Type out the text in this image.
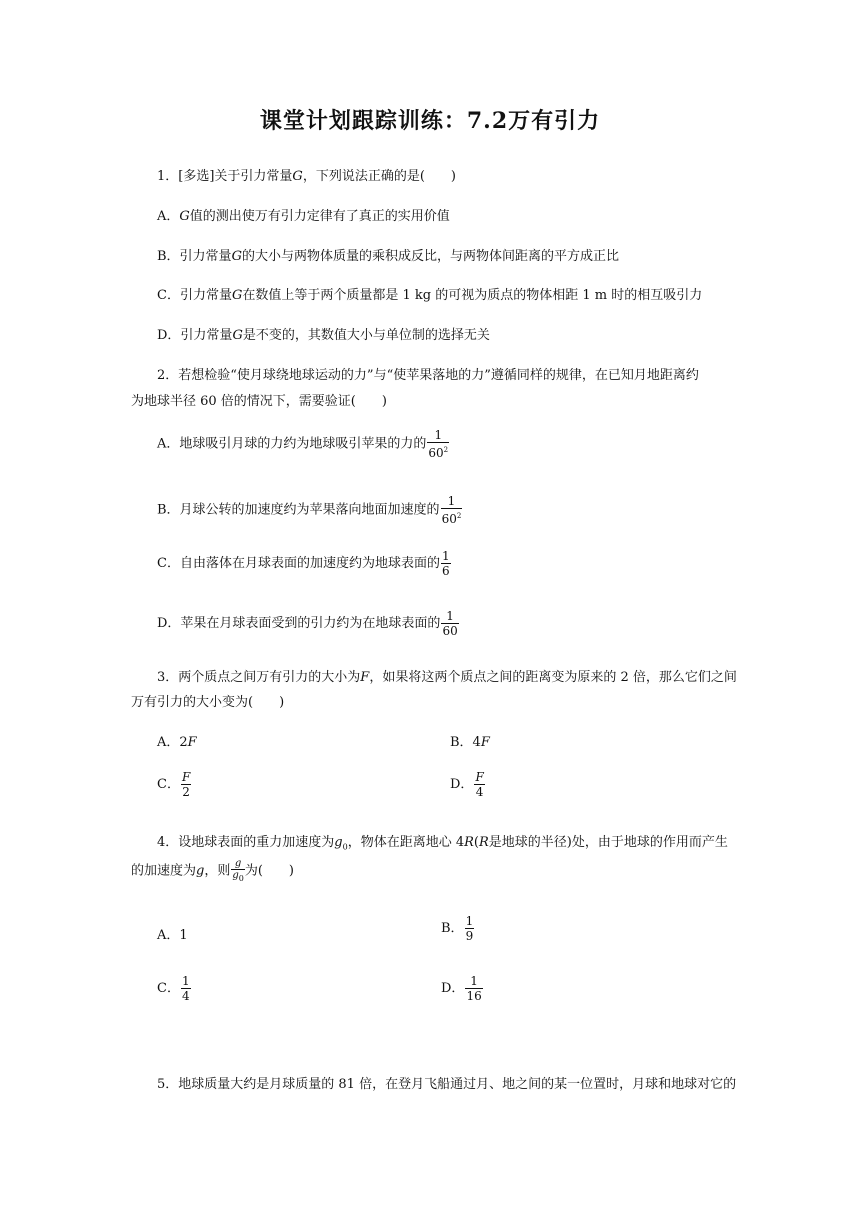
课堂计划跟踪训练：7.2万有引力
1．[多选]关于引力常量G，下列说法正确的是(　　)
A．G值的测出使万有引力定律有了真正的实用价值
B．引力常量G的大小与两物体质量的乘积成反比，与两物体间距离的平方成正比
C．引力常量G在数值上等于两个质量都是 1 kg 的可视为质点的物体相距 1 m 时的相互吸引力
D．引力常量G是不变的，其数值大小与单位制的选择无关
2．若想检验“使月球绕地球运动的力”与“使苹果落地的力”遵循同样的规律，在已知月地距离约
为地球半径 60 倍的情况下，需要验证(　　)
A．地球吸引月球的力约为地球吸引苹果的力的 $\frac{1}{60^2}$
B．月球公转的加速度约为苹果落向地面加速度的 $\frac{1}{60^2}$
C．自由落体在月球表面的加速度约为地球表面的 $\frac{1}{6}$
D．苹果在月球表面受到的引力约为在地球表面的 $\frac{1}{60}$
3．两个质点之间万有引力的大小为F，如果将这两个质点之间的距离变为原来的 2 倍，那么它们之间
万有引力的大小变为(　　)
A．2F	B．4F
C． $\frac{F}{2}$	D． $\frac{F}{4}$
4．设地球表面的重力加速度为$g_0$，物体在距离地心 4R(R是地球的半径)处，由于地球的作用而产生
的加速度为g，则 $\frac{g}{g_0}$ 为(　　)
A．1	B． $\frac{1}{9}$
C． $\frac{1}{4}$	D． $\frac{1}{16}$
5．地球质量大约是月球质量的 81 倍，在登月飞船通过月、地之间的某一位置时，月球和地球对它的
